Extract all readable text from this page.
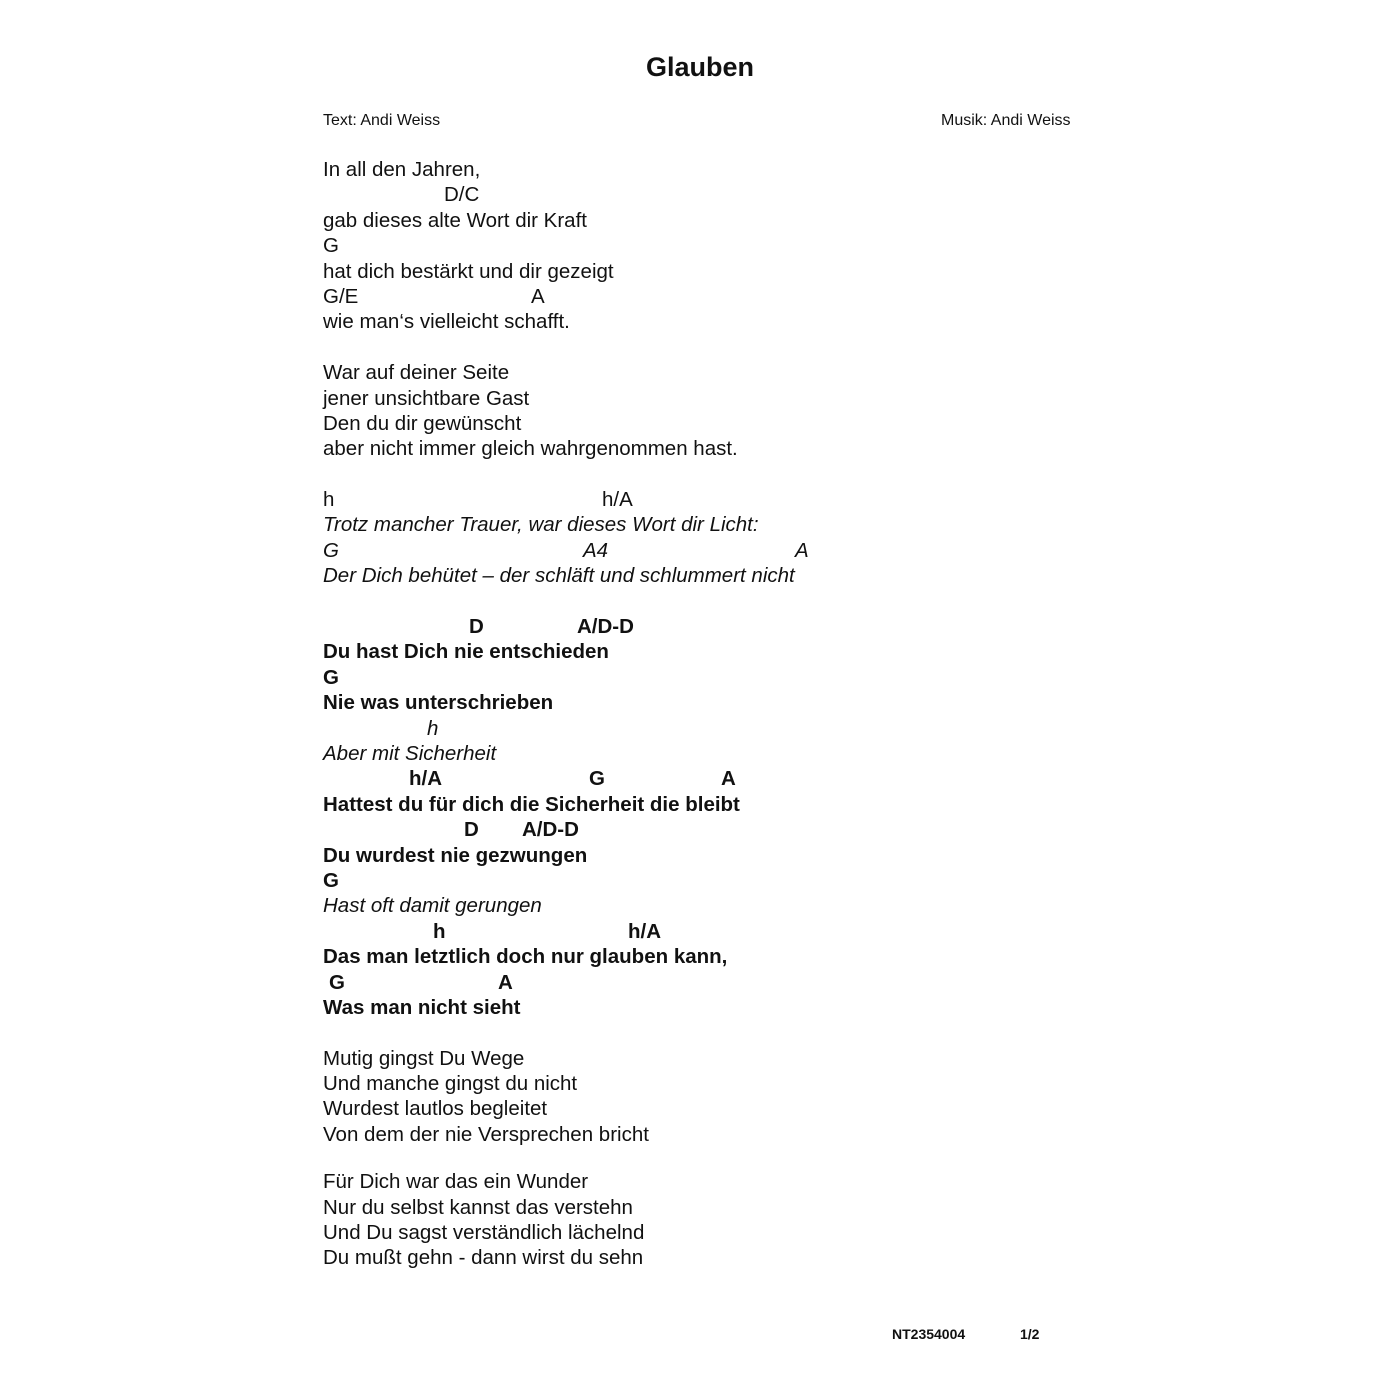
Glauben
Text: Andi Weiss	Musik: Andi Weiss
In all den Jahren,

D/C

gab dieses alte Wort dir Kraft

G

hat dich bestärkt und dir gezeigt

G/E

	A

wie man‘s vielleicht schafft.
War auf deiner Seite
jener unsichtbare Gast
Den du dir gewünscht
aber nicht immer gleich wahrgenommen hast.

h

	h/A

Trotz mancher Trauer, war dieses Wort dir Licht:

G

	A4

	A

Der Dich behütet – der schläft und schlummert nicht

D

	A/D-D

Du hast Dich nie entschieden

G

Nie was unterschrieben

h

Aber mit Sicherheit

h/A

	G

	A

Hattest du für dich die Sicherheit die bleibt

D

A/D-D

Du wurdest nie gezwungen

G

Hast oft damit gerungen

h

	h/A

Das man letztlich doch nur glauben kann,

G

	A

Was man nicht sieht
Mutig gingst Du Wege
Und manche gingst du nicht
Wurdest lautlos begleitet
Von dem der nie Versprechen bricht
Für Dich war das ein Wunder
Nur du selbst kannst das verstehn
Und Du sagst verständlich lächelnd
Du mußt gehn - dann wirst du sehn
NT2354004	1/2
